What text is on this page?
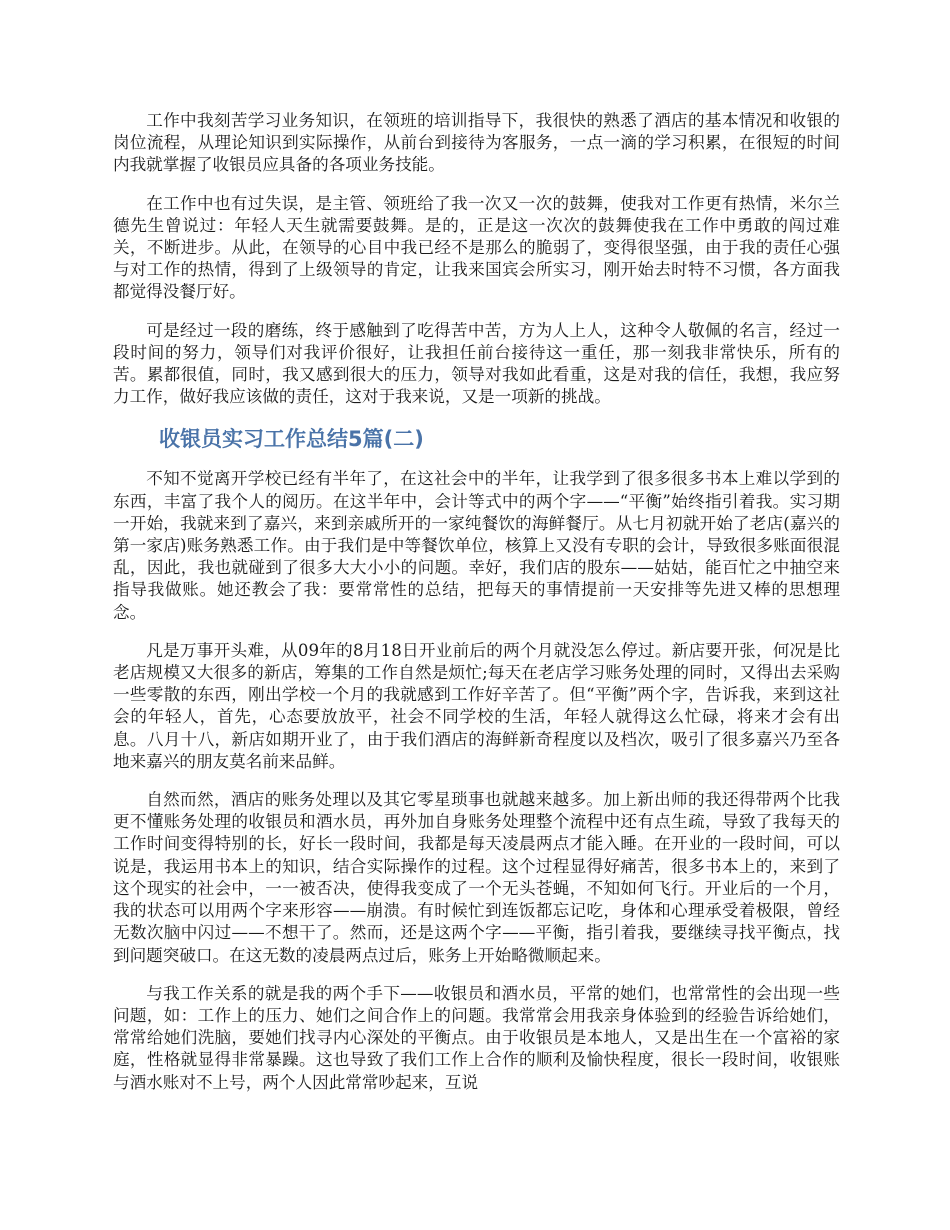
工作中我刻苦学习业务知识，在领班的培训指导下，我很快的熟悉了酒店的基本情况和收银的岗位流程，从理论知识到实际操作，从前台到接待为客服务，一点一滴的学习积累，在很短的时间内我就掌握了收银员应具备的各项业务技能。

在工作中也有过失误，是主管、领班给了我一次又一次的鼓舞，使我对工作更有热情，米尔兰德先生曾说过：年轻人天生就需要鼓舞。是的，正是这一次次的鼓舞使我在工作中勇敢的闯过难关，不断进步。从此，在领导的心目中我已经不是那么的脆弱了，变得很坚强，由于我的责任心强与对工作的热情，得到了上级领导的肯定，让我来国宾会所实习，刚开始去时特不习惯，各方面我都觉得没餐厅好。

可是经过一段的磨练，终于感触到了吃得苦中苦，方为人上人，这种令人敬佩的名言，经过一段时间的努力，领导们对我评价很好，让我担任前台接待这一重任，那一刻我非常快乐，所有的苦。累都很值，同时，我又感到很大的压力，领导对我如此看重，这是对我的信任，我想，我应努力工作，做好我应该做的责任，这对于我来说，又是一项新的挑战。

收银员实习工作总结5篇(二)

不知不觉离开学校已经有半年了，在这社会中的半年，让我学到了很多很多书本上难以学到的东西，丰富了我个人的阅历。在这半年中，会计等式中的两个字——“平衡”始终指引着我。实习期一开始，我就来到了嘉兴，来到亲戚所开的一家纯餐饮的海鲜餐厅。从七月初就开始了老店(嘉兴的第一家店)账务熟悉工作。由于我们是中等餐饮单位，核算上又没有专职的会计，导致很多账面很混乱，因此，我也就碰到了很多大大小小的问题。幸好，我们店的股东——姑姑，能百忙之中抽空来指导我做账。她还教会了我：要常常性的总结，把每天的事情提前一天安排等先进又棒的思想理念。

凡是万事开头难，从09年的8月18日开业前后的两个月就没怎么停过。新店要开张，何况是比老店规模又大很多的新店，筹集的工作自然是烦忙;每天在老店学习账务处理的同时，又得出去采购一些零散的东西，刚出学校一个月的我就感到工作好辛苦了。但“平衡”两个字，告诉我，来到这社会的年轻人，首先，心态要放放平，社会不同学校的生活，年轻人就得这么忙碌，将来才会有出息。八月十八，新店如期开业了，由于我们酒店的海鲜新奇程度以及档次，吸引了很多嘉兴乃至各地来嘉兴的朋友莫名前来品鲜。

自然而然，酒店的账务处理以及其它零星琐事也就越来越多。加上新出师的我还得带两个比我更不懂账务处理的收银员和酒水员，再外加自身账务处理整个流程中还有点生疏，导致了我每天的工作时间变得特别的长，好长一段时间，我都是每天凌晨两点才能入睡。在开业的一段时间，可以说是，我运用书本上的知识，结合实际操作的过程。这个过程显得好痛苦，很多书本上的，来到了这个现实的社会中，一一被否决，使得我变成了一个无头苍蝇，不知如何飞行。开业后的一个月，我的状态可以用两个字来形容——崩溃。有时候忙到连饭都忘记吃，身体和心理承受着极限，曾经无数次脑中闪过——不想干了。然而，还是这两个字——平衡，指引着我，要继续寻找平衡点，找到问题突破口。在这无数的凌晨两点过后，账务上开始略微顺起来。

与我工作关系的就是我的两个手下——收银员和酒水员，平常的她们，也常常性的会出现一些问题，如：工作上的压力、她们之间合作上的问题。我常常会用我亲身体验到的经验告诉给她们，常常给她们洗脑，要她们找寻内心深处的平衡点。由于收银员是本地人，又是出生在一个富裕的家庭，性格就显得非常暴躁。这也导致了我们工作上合作的顺利及愉快程度，很长一段时间，收银账与酒水账对不上号，两个人因此常常吵起来，互说
